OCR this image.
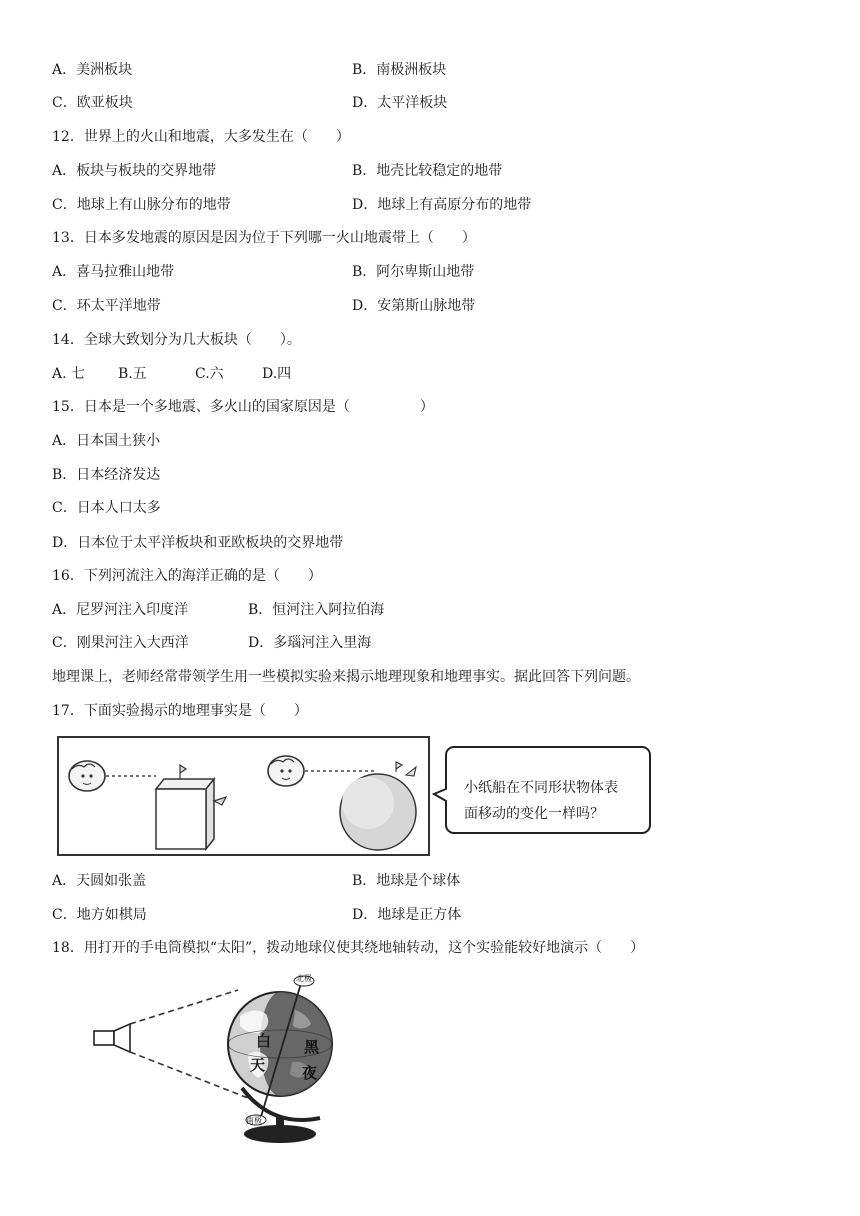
A．美洲板块	B．南极洲板块
C．欧亚板块	D．太平洋板块
12．世界上的火山和地震，大多发生在（　　）
A．板块与板块的交界地带	B．地壳比较稳定的地带
C．地球上有山脉分布的地带	D．地球上有高原分布的地带
13．日本多发地震的原因是因为位于下列哪一火山地震带上（　　）
A．喜马拉雅山地带	B．阿尔卑斯山地带
C．环太平洋地带	D．安第斯山脉地带
14．全球大致划分为几大板块（　　）。
A. 七 B.五	C.六	D.四
15．日本是一个多地震、多火山的国家原因是（　　　　　）
A．日本国土狭小
B．日本经济发达
C．日本人口太多
D．日本位于太平洋板块和亚欧板块的交界地带
16．下列河流注入的海洋正确的是（　　）
A．尼罗河注入印度洋	B．恒河注入阿拉伯海
C．刚果河注入大西洋	D．多瑙河注入里海
地理课上，老师经常带领学生用一些模拟实验来揭示地理现象和地理事实。据此回答下列问题。
17．下面实验揭示的地理事实是（　　）
小纸船在不同形状物体表
面移动的变化一样吗？
A．天圆如张盖	B．地球是个球体
C．地方如棋局	D．地球是正方体
18．用打开的手电筒模拟“太阳”，拨动地球仪使其绕地轴转动，这个实验能较好地演示（　　）
北极
南极
白
天
黑
夜
